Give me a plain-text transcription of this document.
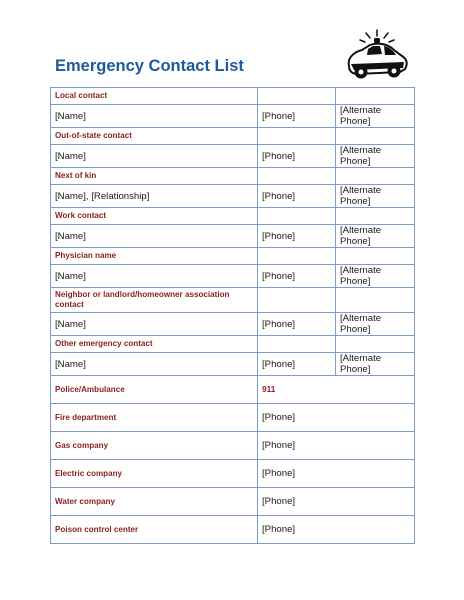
Emergency Contact List
Local contact		
[Name]	[Phone]	[Alternate Phone]
Out-of-state contact		
[Name]	[Phone]	[Alternate Phone]
Next of kin		
[Name], [Relationship]	[Phone]	[Alternate Phone]
Work contact		
[Name]	[Phone]	[Alternate Phone]
Physician name		
[Name]	[Phone]	[Alternate Phone]
Neighbor or landlord/homeowner association contact		
[Name]	[Phone]	[Alternate Phone]
Other emergency contact		
[Name]	[Phone]	[Alternate Phone]
Police/Ambulance	911	
Fire department	[Phone]	
Gas company	[Phone]	
Electric company	[Phone]	
Water company	[Phone]	
Poison control center	[Phone]	
